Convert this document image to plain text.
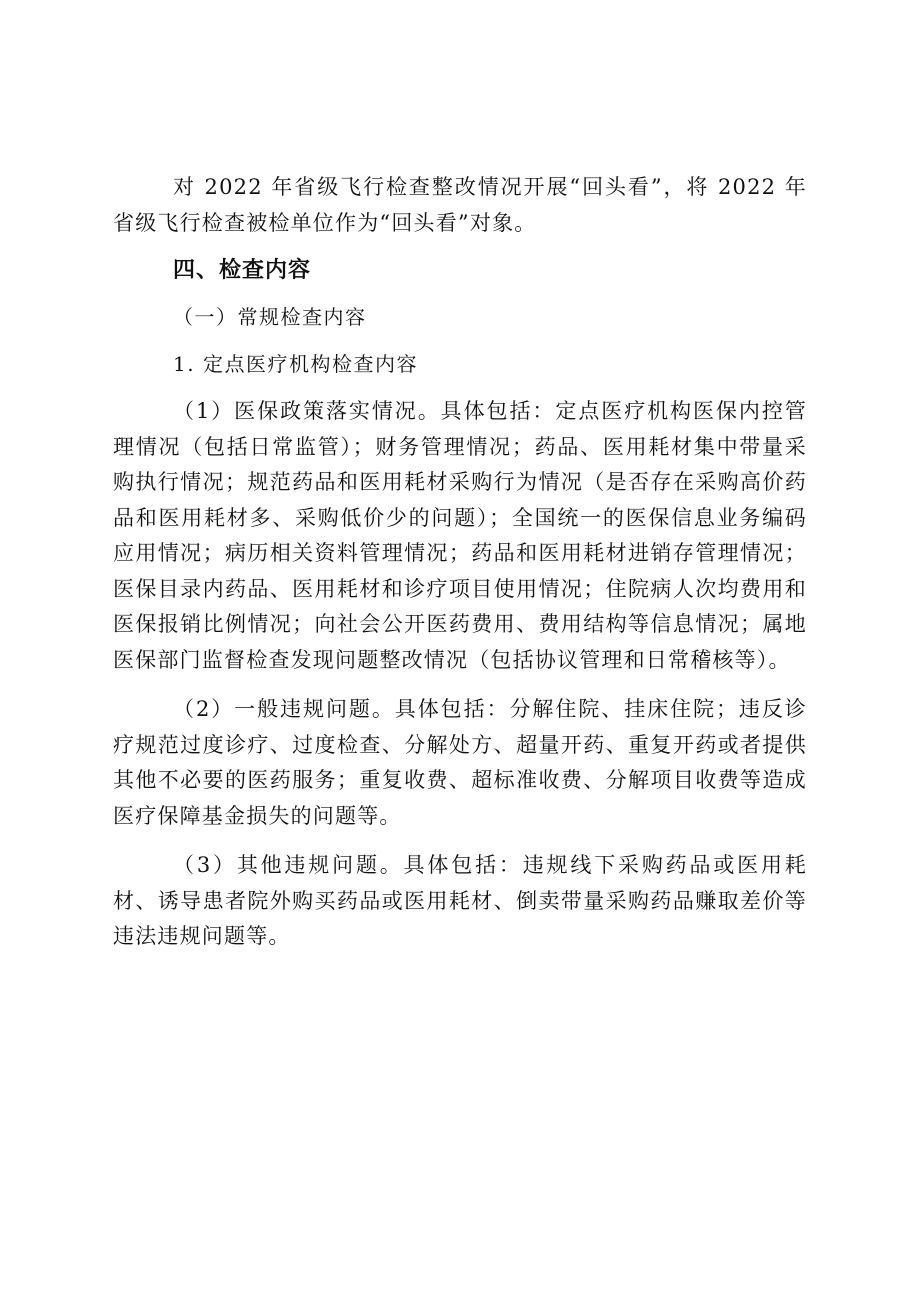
对 2022 年省级飞行检查整改情况开展“回头看”，将 2022 年省级飞行检查被检单位作为“回头看”对象。

四、检查内容

（一）常规检查内容

1. 定点医疗机构检查内容

（1）医保政策落实情况。具体包括：定点医疗机构医保内控管理情况（包括日常监管）；财务管理情况；药品、医用耗材集中带量采购执行情况；规范药品和医用耗材采购行为情况（是否存在采购高价药品和医用耗材多、采购低价少的问题）；全国统一的医保信息业务编码应用情况；病历相关资料管理情况；药品和医用耗材进销存管理情况；医保目录内药品、医用耗材和诊疗项目使用情况；住院病人次均费用和医保报销比例情况；向社会公开医药费用、费用结构等信息情况；属地医保部门监督检查发现问题整改情况（包括协议管理和日常稽核等）。

（2）一般违规问题。具体包括：分解住院、挂床住院；违反诊疗规范过度诊疗、过度检查、分解处方、超量开药、重复开药或者提供其他不必要的医药服务；重复收费、超标准收费、分解项目收费等造成医疗保障基金损失的问题等。

（3）其他违规问题。具体包括：违规线下采购药品或医用耗材、诱导患者院外购买药品或医用耗材、倒卖带量采购药品赚取差价等违法违规问题等。
